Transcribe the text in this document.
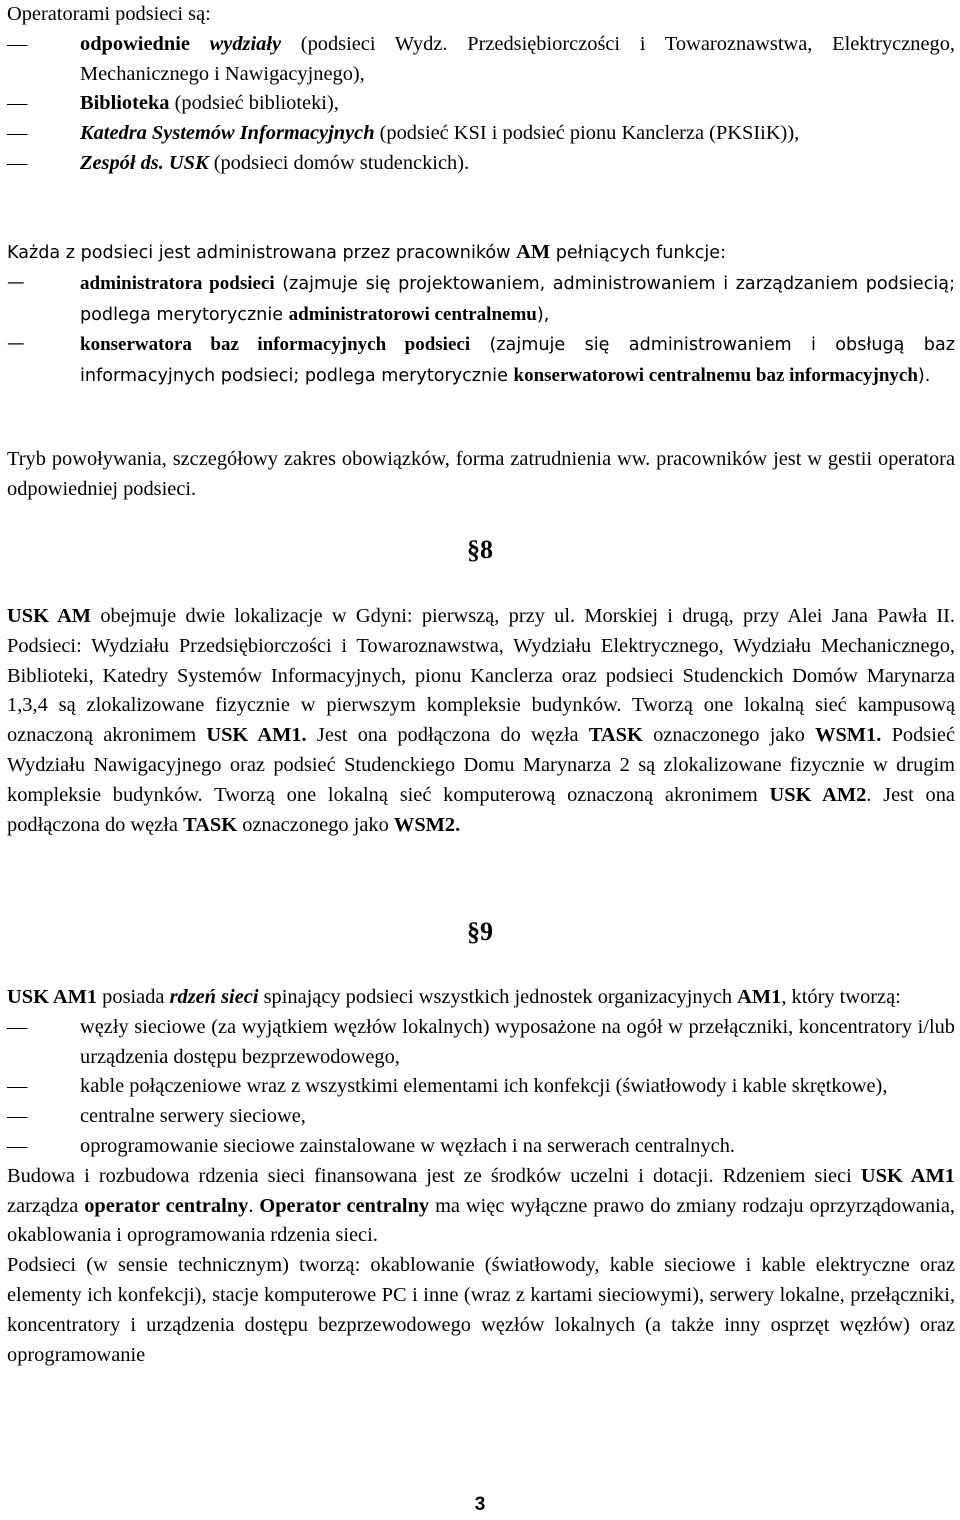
Operatorami podsieci są:

— odpowiednie wydziały (podsieci Wydz. Przedsiębiorczości i Towaroznawstwa, Elektrycznego, Mechanicznego i Nawigacyjnego),
— Biblioteka (podsieć biblioteki),
— Katedra Systemów Informacyjnych (podsieć KSI i podsieć pionu Kanclerza (PKSIiK)),
— Zespół ds. USK (podsieci domów studenckich).

Każda z podsieci jest administrowana przez pracowników AM pełniących funkcje:

— administratora podsieci (zajmuje się projektowaniem, administrowaniem i zarządzaniem podsiecią; podlega merytorycznie administratorowi centralnemu),
— konserwatora baz informacyjnych podsieci (zajmuje się administrowaniem i obsługą baz informacyjnych podsieci; podlega merytorycznie konserwatorowi centralnemu baz informacyjnych).

Tryb powoływania, szczegółowy zakres obowiązków, forma zatrudnienia ww. pracowników jest w gestii operatora odpowiedniej podsieci.

§8

USK AM obejmuje dwie lokalizacje w Gdyni: pierwszą, przy ul. Morskiej i drugą, przy Alei Jana Pawła II. Podsieci: Wydziału Przedsiębiorczości i Towaroznawstwa, Wydziału Elektrycznego, Wydziału Mechanicznego, Biblioteki, Katedry Systemów Informacyjnych, pionu Kanclerza oraz podsieci Studenckich Domów Marynarza 1,3,4 są zlokalizowane fizycznie w pierwszym kompleksie budynków. Tworzą one lokalną sieć kampusową oznaczoną akronimem USK AM1. Jest ona podłączona do węzła TASK oznaczonego jako WSM1. Podsieć Wydziału Nawigacyjnego oraz podsieć Studenckiego Domu Marynarza 2 są zlokalizowane fizycznie w drugim kompleksie budynków. Tworzą one lokalną sieć komputerową oznaczoną akronimem USK AM2. Jest ona podłączona do węzła TASK oznaczonego jako WSM2.

§9

USK AM1 posiada rdzeń sieci spinający podsieci wszystkich jednostek organizacyjnych AM1, który tworzą:

— węzły sieciowe (za wyjątkiem węzłów lokalnych) wyposażone na ogół w przełączniki, koncentratory i/lub urządzenia dostępu bezprzewodowego,
— kable połączeniowe wraz z wszystkimi elementami ich konfekcji (światłowody i kable skrętkowe),
— centralne serwery sieciowe,
— oprogramowanie sieciowe zainstalowane w węzłach i na serwerach centralnych.

Budowa i rozbudowa rdzenia sieci finansowana jest ze środków uczelni i dotacji. Rdzeniem sieci USK AM1 zarządza operator centralny. Operator centralny ma więc wyłączne prawo do zmiany rodzaju oprzyrządowania, okablowania i oprogramowania rdzenia sieci.

Podsieci (w sensie technicznym) tworzą: okablowanie (światłowody, kable sieciowe i kable elektryczne oraz elementy ich konfekcji), stacje komputerowe PC i inne (wraz z kartami sieciowymi), serwery lokalne, przełączniki, koncentratory i urządzenia dostępu bezprzewodowego węzłów lokalnych (a także inny osprzęt węzłów) oraz oprogramowanie

3
